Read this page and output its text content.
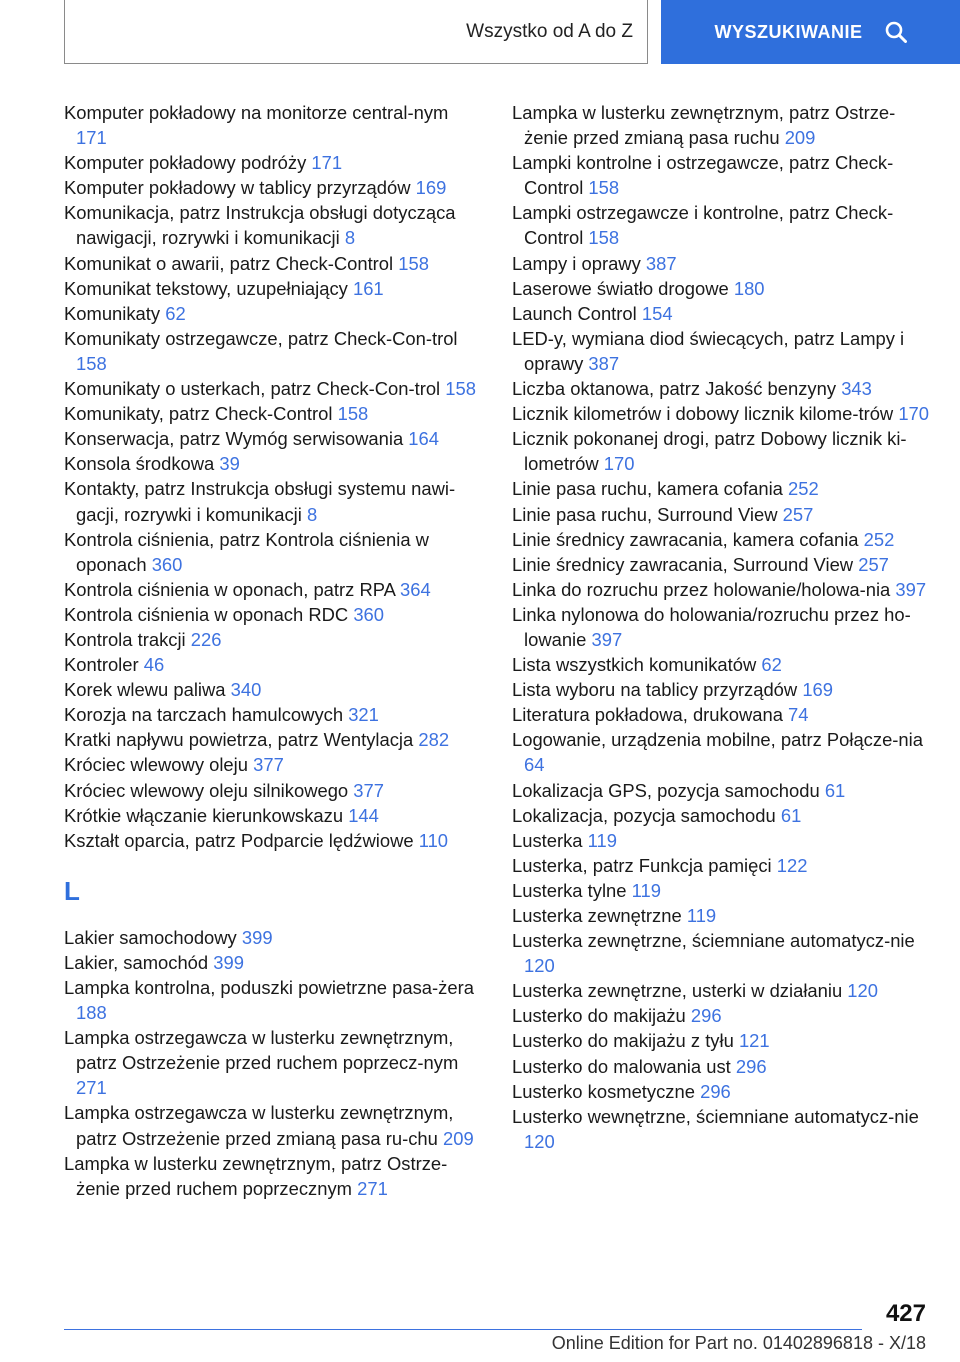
Wszystko od A do Z	WYSZUKIWANIE

Komputer pokładowy na monitorze central-nym 171

Komputer pokładowy podróży 171

Komputer pokładowy w tablicy przyrządów 169

Komunikacja, patrz Instrukcja obsługi dotycząca nawigacji, rozrywki i komunikacji 8

Komunikat o awarii, patrz Check-Control 158

Komunikat tekstowy, uzupełniający 161

Komunikaty 62

Komunikaty ostrzegawcze, patrz Check-Con-trol 158

Komunikaty o usterkach, patrz Check-Con-trol 158

Komunikaty, patrz Check-Control 158

Konserwacja, patrz Wymóg serwisowania 164

Konsola środkowa 39

Kontakty, patrz Instrukcja obsługi systemu nawi-gacji, rozrywki i komunikacji 8

Kontrola ciśnienia, patrz Kontrola ciśnienia w oponach 360

Kontrola ciśnienia w oponach, patrz RPA 364

Kontrola ciśnienia w oponach RDC 360

Kontrola trakcji 226

Kontroler 46

Korek wlewu paliwa 340

Korozja na tarczach hamulcowych 321

Kratki napływu powietrza, patrz Wentylacja 282

Króciec wlewowy oleju 377

Króciec wlewowy oleju silnikowego 377

Krótkie włączanie kierunkowskazu 144

Kształt oparcia, patrz Podparcie lędźwiowe 110

L

Lakier samochodowy 399

Lakier, samochód 399

Lampka kontrolna, poduszki powietrzne pasa-żera 188

Lampka ostrzegawcza w lusterku zewnętrznym, patrz Ostrzeżenie przed ruchem poprzecz-nym 271

Lampka ostrzegawcza w lusterku zewnętrznym, patrz Ostrzeżenie przed zmianą pasa ru-chu 209

Lampka w lusterku zewnętrznym, patrz Ostrze-żenie przed ruchem poprzecznym 271

Lampka w lusterku zewnętrznym, patrz Ostrze-żenie przed zmianą pasa ruchu 209

Lampki kontrolne i ostrzegawcze, patrz Check-Control 158

Lampki ostrzegawcze i kontrolne, patrz Check-Control 158

Lampy i oprawy 387

Laserowe światło drogowe 180

Launch Control 154

LED-y, wymiana diod świecących, patrz Lampy i oprawy 387

Liczba oktanowa, patrz Jakość benzyny 343

Licznik kilometrów i dobowy licznik kilome-trów 170

Licznik pokonanej drogi, patrz Dobowy licznik ki-lometrów 170

Linie pasa ruchu, kamera cofania 252

Linie pasa ruchu, Surround View 257

Linie średnicy zawracania, kamera cofania 252

Linie średnicy zawracania, Surround View 257

Linka do rozruchu przez holowanie/holowa-nia 397

Linka nylonowa do holowania/rozruchu przez ho-lowanie 397

Lista wszystkich komunikatów 62

Lista wyboru na tablicy przyrządów 169

Literatura pokładowa, drukowana 74

Logowanie, urządzenia mobilne, patrz Połącze-nia 64

Lokalizacja GPS, pozycja samochodu 61

Lokalizacja, pozycja samochodu 61

Lusterka 119

Lusterka, patrz Funkcja pamięci 122

Lusterka tylne 119

Lusterka zewnętrzne 119

Lusterka zewnętrzne, ściemniane automatycz-nie 120

Lusterka zewnętrzne, usterki w działaniu 120

Lusterko do makijażu 296

Lusterko do makijażu z tyłu 121

Lusterko do malowania ust 296

Lusterko kosmetyczne 296

Lusterko wewnętrzne, ściemniane automatycz-nie 120

427
Online Edition for Part no. 01402896818 - X/18
